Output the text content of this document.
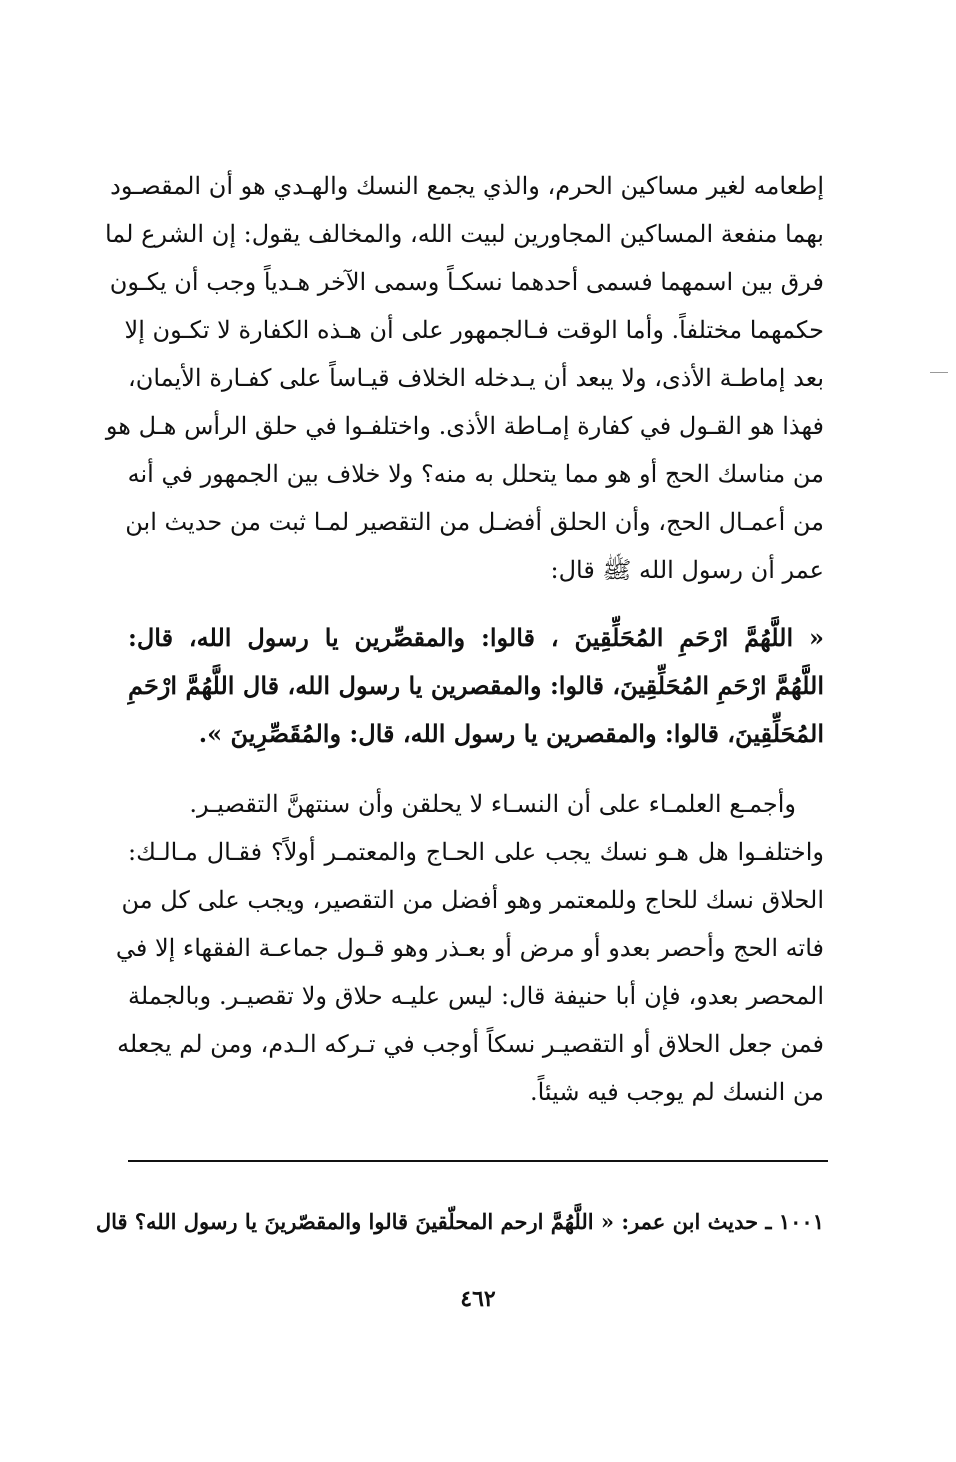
إطعامه لغير مساكين الحرم، والذي يجمع النسك والهـدي هو أن المقصـود
بهما منفعة المساكين المجاورين لبيت الله، والمخالف يقول: إن الشرع لما
فرق بين اسمهما فسمى أحدهما نسكـاً وسمى الآخر هـدياً وجب أن يكـون
حكمهما مختلفاً. وأما الوقت فـالجمهور على أن هـذه الكفارة لا تكـون إلا
بعد إماطـة الأذى، ولا يبعد أن يـدخله الخلاف قيـاساً على كفـارة الأيمان،
فهذا هو القـول في كفارة إمـاطة الأذى. واختلفـوا في حلق الرأس هـل هو
من مناسك الحج أو هو مما يتحلل به منه؟ ولا خلاف بين الجمهور في أنه
من أعمـال الحج، وأن الحلق أفضـل من التقصير لمـا ثبت من حديث ابن
عمر أن رسول الله ﷺ قال:
« اللَّهُمَّ ارْحَمِ المُحَلِّقِينَ ، قالوا: والمقصِّرين يا رسول الله، قال:
اللَّهُمَّ ارْحَمِ المُحَلِّقِينَ، قالوا: والمقصرين يا رسول الله، قال اللَّهُمَّ ارْحَمِ
المُحَلِّقِينَ، قالوا: والمقصرين يا رسول الله، قال: والمُقَصِّرِينَ ».
وأجمـع العلمـاء على أن النسـاء لا يحلقن وأن سنتهنَّ التقصيـر.
واختلفـوا هل هـو نسك يجب على الحـاج والمعتمـر أولاً؟ فقـال مـالـك:
الحلاق نسك للحاج وللمعتمر وهو أفضل من التقصير، ويجب على كل من
فاته الحج وأحصر بعدو أو مرض أو بعـذر وهو قـول جماعـة الفقهاء إلا في
المحصر بعدو، فإن أبا حنيفة قال: ليس عليـه حلاق ولا تقصيـر. وبالجملة
فمن جعل الحلاق أو التقصيـر نسكاً أوجب في تـركه الـدم، ومن لم يجعله
من النسك لم يوجب فيه شيئاً.
١٠٠١ ـ حديث ابن عمر: « اللَّهُمَّ ارحم المحلّقينَ قالوا والمقصّرينَ يا رسول الله؟ قال
٤٦٢
